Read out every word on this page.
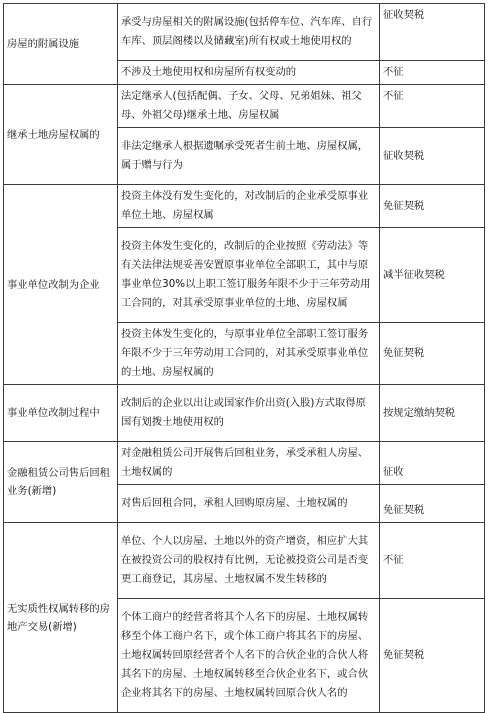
房屋的附属设施	承受与房屋相关的附属设施(包括停车位、汽车库、自行车库、顶层阁楼以及储藏室)所有权或土地使用权的	征收契税
	不涉及土地使用权和房屋所有权变动的	不征
继承土地房屋权属的	法定继承人(包括配偶、子女、父母、兄弟姐妹、祖父母、外祖父母)继承土地、房屋权属	不征
	非法定继承人根据遗嘱承受死者生前土地、房屋权属，属于赠与行为	征收契税
事业单位改制为企业	投资主体没有发生变化的，对改制后的企业承受原事业单位土地、房屋权属	免征契税
	投资主体发生变化的，改制后的企业按照《劳动法》等有关法律法规妥善安置原事业单位全部职工，其中与原事业单位30%以上职工签订服务年限不少于三年劳动用工合同的，对其承受原事业单位的土地、房屋权属	减半征收契税
	投资主体发生变化的，与原事业单位全部职工签订服务年限不少于三年劳动用工合同的，对其承受原事业单位的土地、房屋权属的	免征契税
事业单位改制过程中	改制后的企业以出让或国家作价出资(入股)方式取得原国有划拨土地使用权的	按规定缴纳契税
金融租赁公司售后回租业务(新增)	对金融租赁公司开展售后回租业务，承受承租人房屋、土地权属的	征收
	对售后回租合同，承租人回购原房屋、土地权属的	免征契税
无实质性权属转移的房地产交易(新增)	单位、个人以房屋、土地以外的资产增资，相应扩大其在被投资公司的股权持有比例，无论被投资公司是否变更工商登记，其房屋、土地权属不发生转移的	不征
	个体工商户的经营者将其个人名下的房屋、土地权属转移至个体工商户名下，或个体工商户将其名下的房屋、土地权属转回原经营者个人名下的合伙企业的合伙人将其名下的房屋、土地权属转移至合伙企业名下，或合伙企业将其名下的房屋、土地权属转回原合伙人名的	免征契税
